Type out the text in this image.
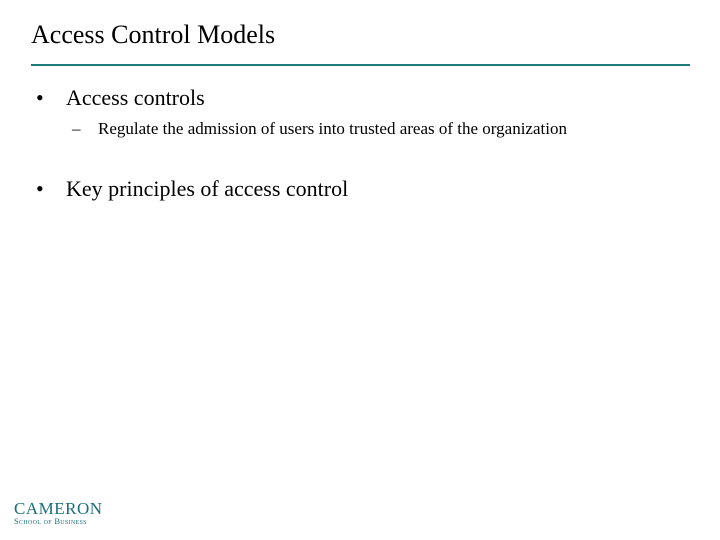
Access Control Models
• Access controls
– Regulate the admission of users into trusted areas of the organization
• Key principles of access control
CAMERON
School of Business
